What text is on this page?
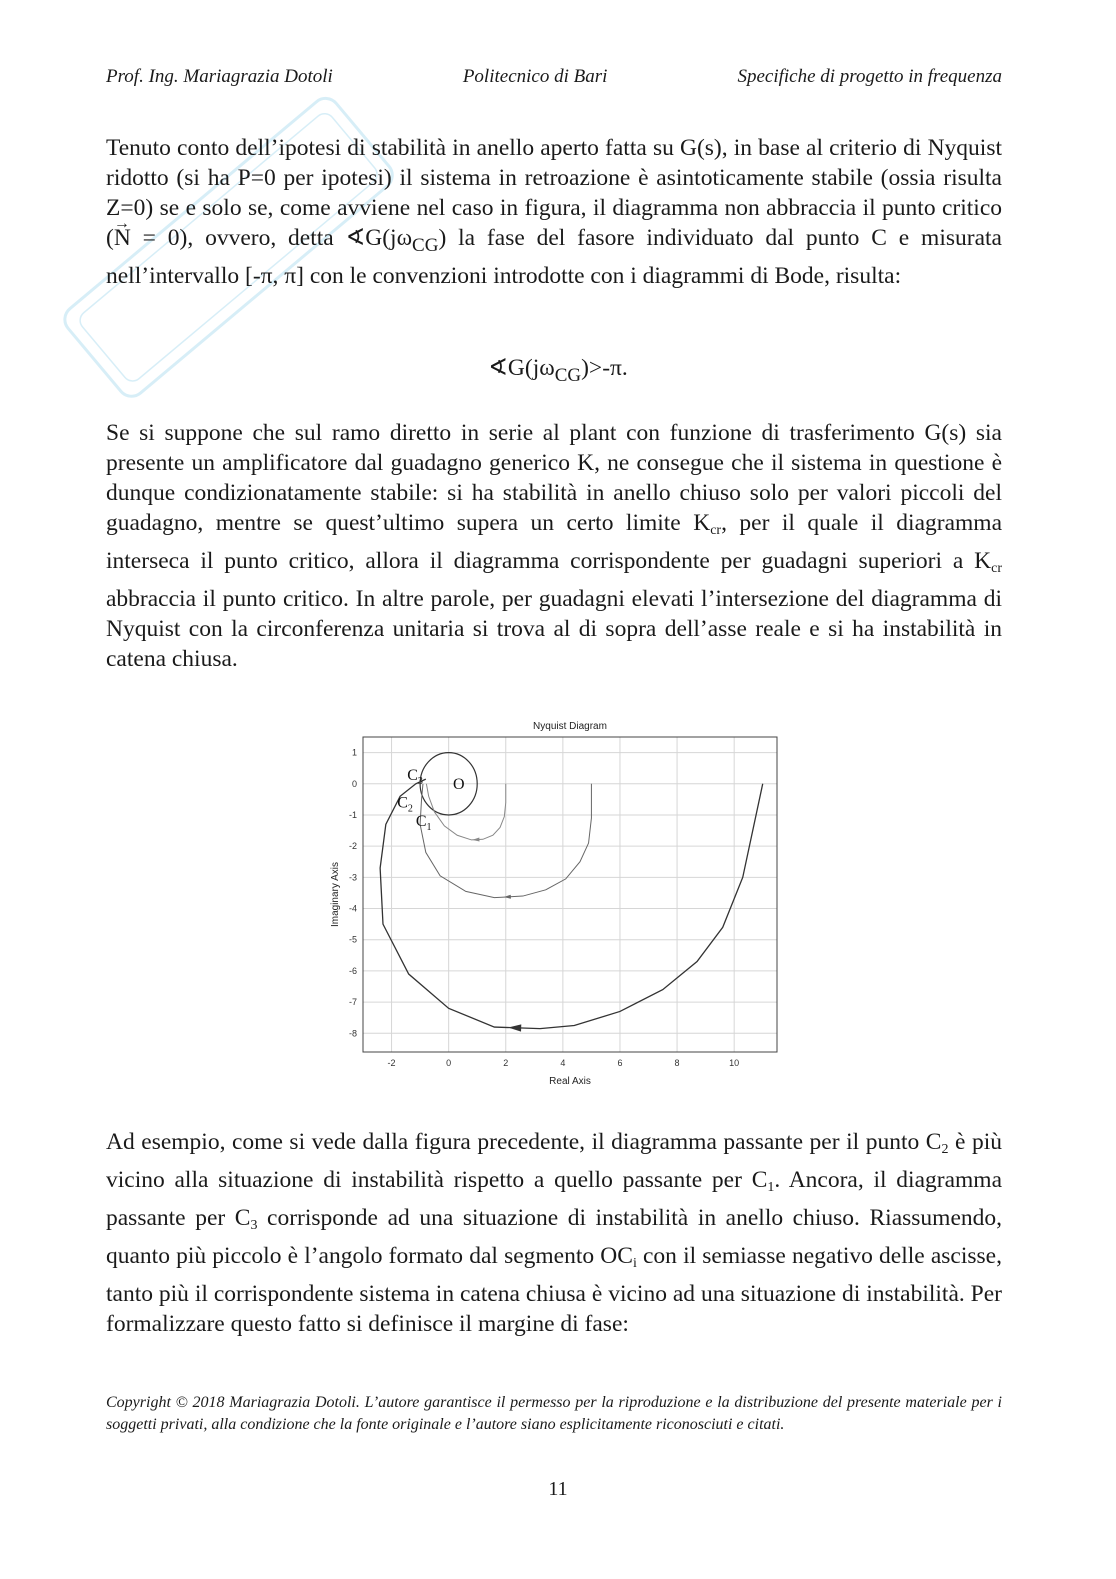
Prof. Ing. Mariagrazia Dotoli	Politecnico di Bari	Specifiche di progetto in frequenza

Tenuto conto dell’ipotesi di stabilità in anello aperto fatta su G(s), in base al criterio di Nyquist ridotto (si ha P=0 per ipotesi) il sistema in retroazione è asintoticamente stabile (ossia risulta Z=0) se e solo se, come avviene nel caso in figura, il diagramma non abbraccia il punto critico (→ N = 0), ovvero, detta $∢G(j\omega_{CG})$ la fase del fasore individuato dal punto C e misurata nell’intervallo [-π, π] con le convenzioni introdotte con i diagrammi di Bode, risulta:

$∢G(j\omega_{CG})>-\pi$.

Se si suppone che sul ramo diretto in serie al plant con funzione di trasferimento G(s) sia presente un amplificatore dal guadagno generico K, ne consegue che il sistema in questione è dunque condizionatamente stabile: si ha stabilità in anello chiuso solo per valori piccoli del guadagno, mentre se quest’ultimo supera un certo limite $K_{cr}$, per il quale il diagramma interseca il punto critico, allora il diagramma corrispondente per guadagni superiori a $K_{cr}$ abbraccia il punto critico. In altre parole, per guadagni elevati l’intersezione del diagramma di Nyquist con la circonferenza unitaria si trova al di sopra dell’asse reale e si ha instabilità in catena chiusa.

Nyquist Diagram
-2	0	2	4	6	8	10
1
0
-1
-2
-3
-4
-5
-6
-7
-8
Real Axis
Imaginary Axis
$C_3$
$C_2$
$C_1$
O

Ad esempio, come si vede dalla figura precedente, il diagramma passante per il punto $C_2$ è più vicino alla situazione di instabilità rispetto a quello passante per $C_1$. Ancora, il diagramma passante per $C_3$ corrisponde ad una situazione di instabilità in anello chiuso. Riassumendo, quanto più piccolo è l’angolo formato dal segmento $OC_i$ con il semiasse negativo delle ascisse, tanto più il corrispondente sistema in catena chiusa è vicino ad una situazione di instabilità. Per formalizzare questo fatto si definisce il margine di fase:

Copyright © 2018 Mariagrazia Dotoli. L’autore garantisce il permesso per la riproduzione e la distribuzione del presente materiale per i soggetti privati, alla condizione che la fonte originale e l’autore siano esplicitamente riconosciuti e citati.

11
